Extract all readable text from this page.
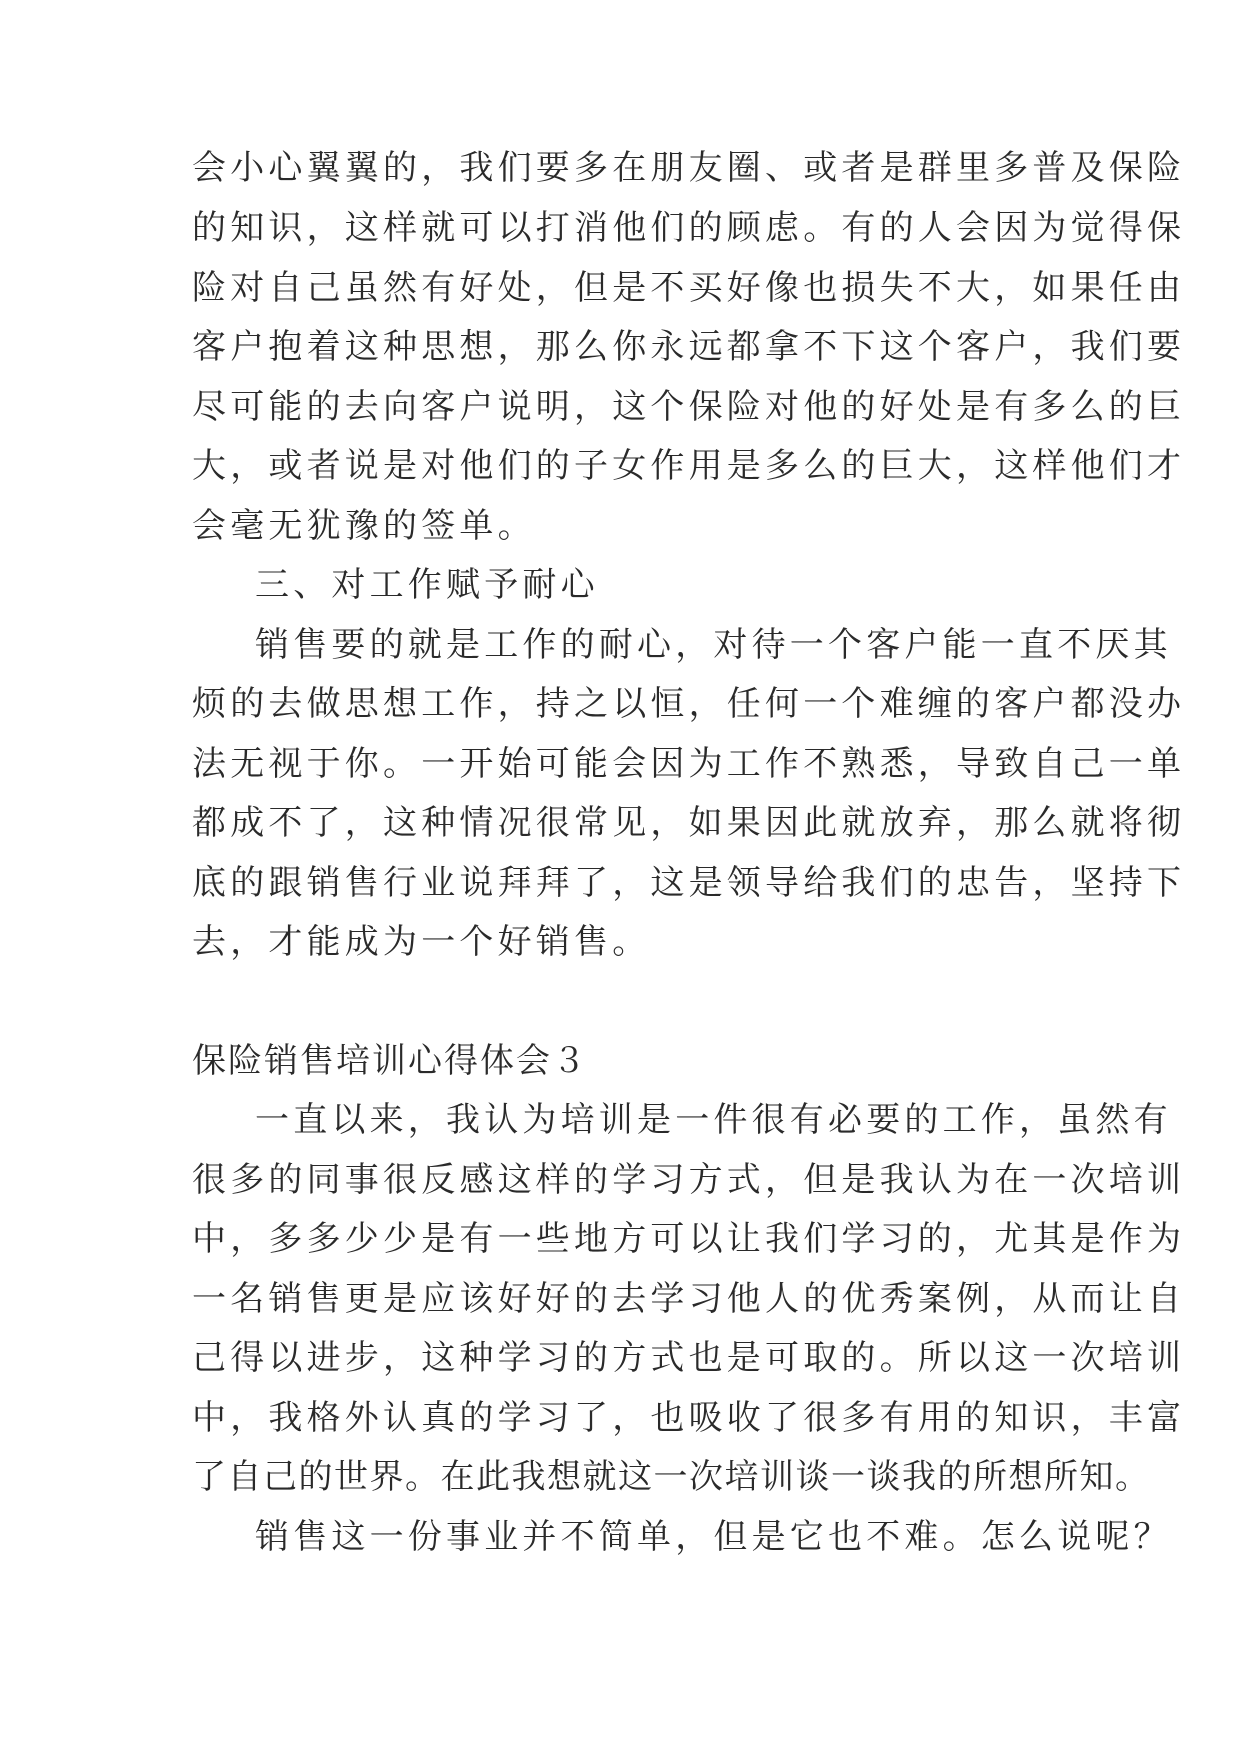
会小心翼翼的，我们要多在朋友圈、或者是群里多普及保险
的知识，这样就可以打消他们的顾虑。有的人会因为觉得保
险对自己虽然有好处，但是不买好像也损失不大，如果任由
客户抱着这种思想，那么你永远都拿不下这个客户，我们要
尽可能的去向客户说明，这个保险对他的好处是有多么的巨
大，或者说是对他们的子女作用是多么的巨大，这样他们才
会毫无犹豫的签单。
三、对工作赋予耐心
销售要的就是工作的耐心，对待一个客户能一直不厌其
烦的去做思想工作，持之以恒，任何一个难缠的客户都没办
法无视于你。一开始可能会因为工作不熟悉，导致自己一单
都成不了，这种情况很常见，如果因此就放弃，那么就将彻
底的跟销售行业说拜拜了，这是领导给我们的忠告，坚持下
去，才能成为一个好销售。
保险销售培训心得体会３
一直以来，我认为培训是一件很有必要的工作，虽然有
很多的同事很反感这样的学习方式，但是我认为在一次培训
中，多多少少是有一些地方可以让我们学习的，尤其是作为
一名销售更是应该好好的去学习他人的优秀案例，从而让自
己得以进步，这种学习的方式也是可取的。所以这一次培训
中，我格外认真的学习了，也吸收了很多有用的知识，丰富
了自己的世界。在此我想就这一次培训谈一谈我的所想所知。
销售这一份事业并不简单，但是它也不难。怎么说呢？
